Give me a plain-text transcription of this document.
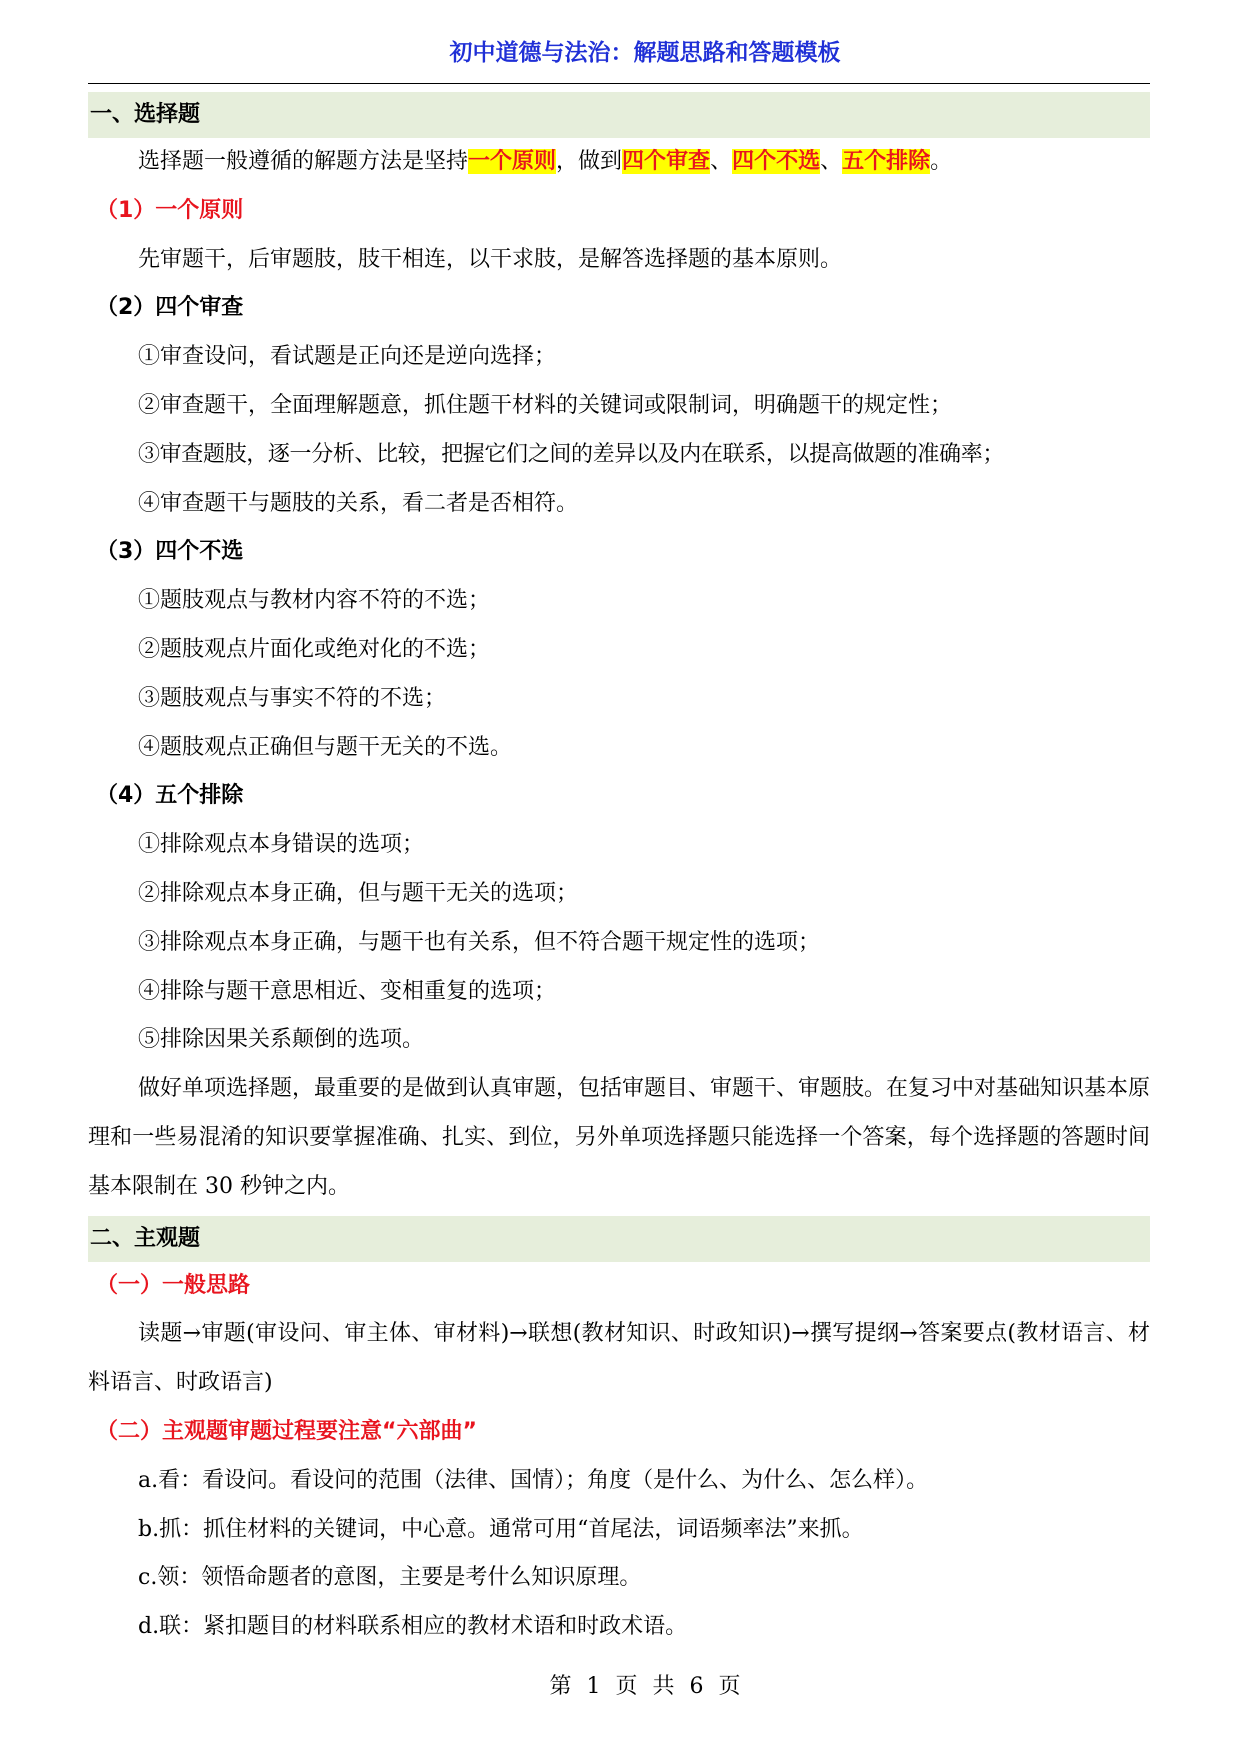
初中道德与法治：解题思路和答题模板
一、选择题
选择题一般遵循的解题方法是坚持一个原则，做到四个审查、四个不选、五个排除。
（1）一个原则
先审题干，后审题肢，肢干相连，以干求肢，是解答选择题的基本原则。
（2）四个审查
①审查设问，看试题是正向还是逆向选择；
②审查题干，全面理解题意，抓住题干材料的关键词或限制词，明确题干的规定性；
③审查题肢，逐一分析、比较，把握它们之间的差异以及内在联系，以提高做题的准确率；
④审查题干与题肢的关系，看二者是否相符。
（3）四个不选
①题肢观点与教材内容不符的不选；
②题肢观点片面化或绝对化的不选；
③题肢观点与事实不符的不选；
④题肢观点正确但与题干无关的不选。
（4）五个排除
①排除观点本身错误的选项；
②排除观点本身正确，但与题干无关的选项；
③排除观点本身正确，与题干也有关系，但不符合题干规定性的选项；
④排除与题干意思相近、变相重复的选项；
⑤排除因果关系颠倒的选项。
做好单项选择题，最重要的是做到认真审题，包括审题目、审题干、审题肢。在复习中对基础知识基本原理和一些易混淆的知识要掌握准确、扎实、到位，另外单项选择题只能选择一个答案，每个选择题的答题时间基本限制在 30 秒钟之内。
二、主观题
（一）一般思路
读题→审题(审设问、审主体、审材料)→联想(教材知识、时政知识)→撰写提纲→答案要点(教材语言、材料语言、时政语言)
（二）主观题审题过程要注意“六部曲”
a.看：看设问。看设问的范围（法律、国情）；角度（是什么、为什么、怎么样）。
b.抓：抓住材料的关键词，中心意。通常可用“首尾法，词语频率法”来抓。
c.领：领悟命题者的意图，主要是考什么知识原理。
d.联：紧扣题目的材料联系相应的教材术语和时政术语。
第 1 页 共 6 页
